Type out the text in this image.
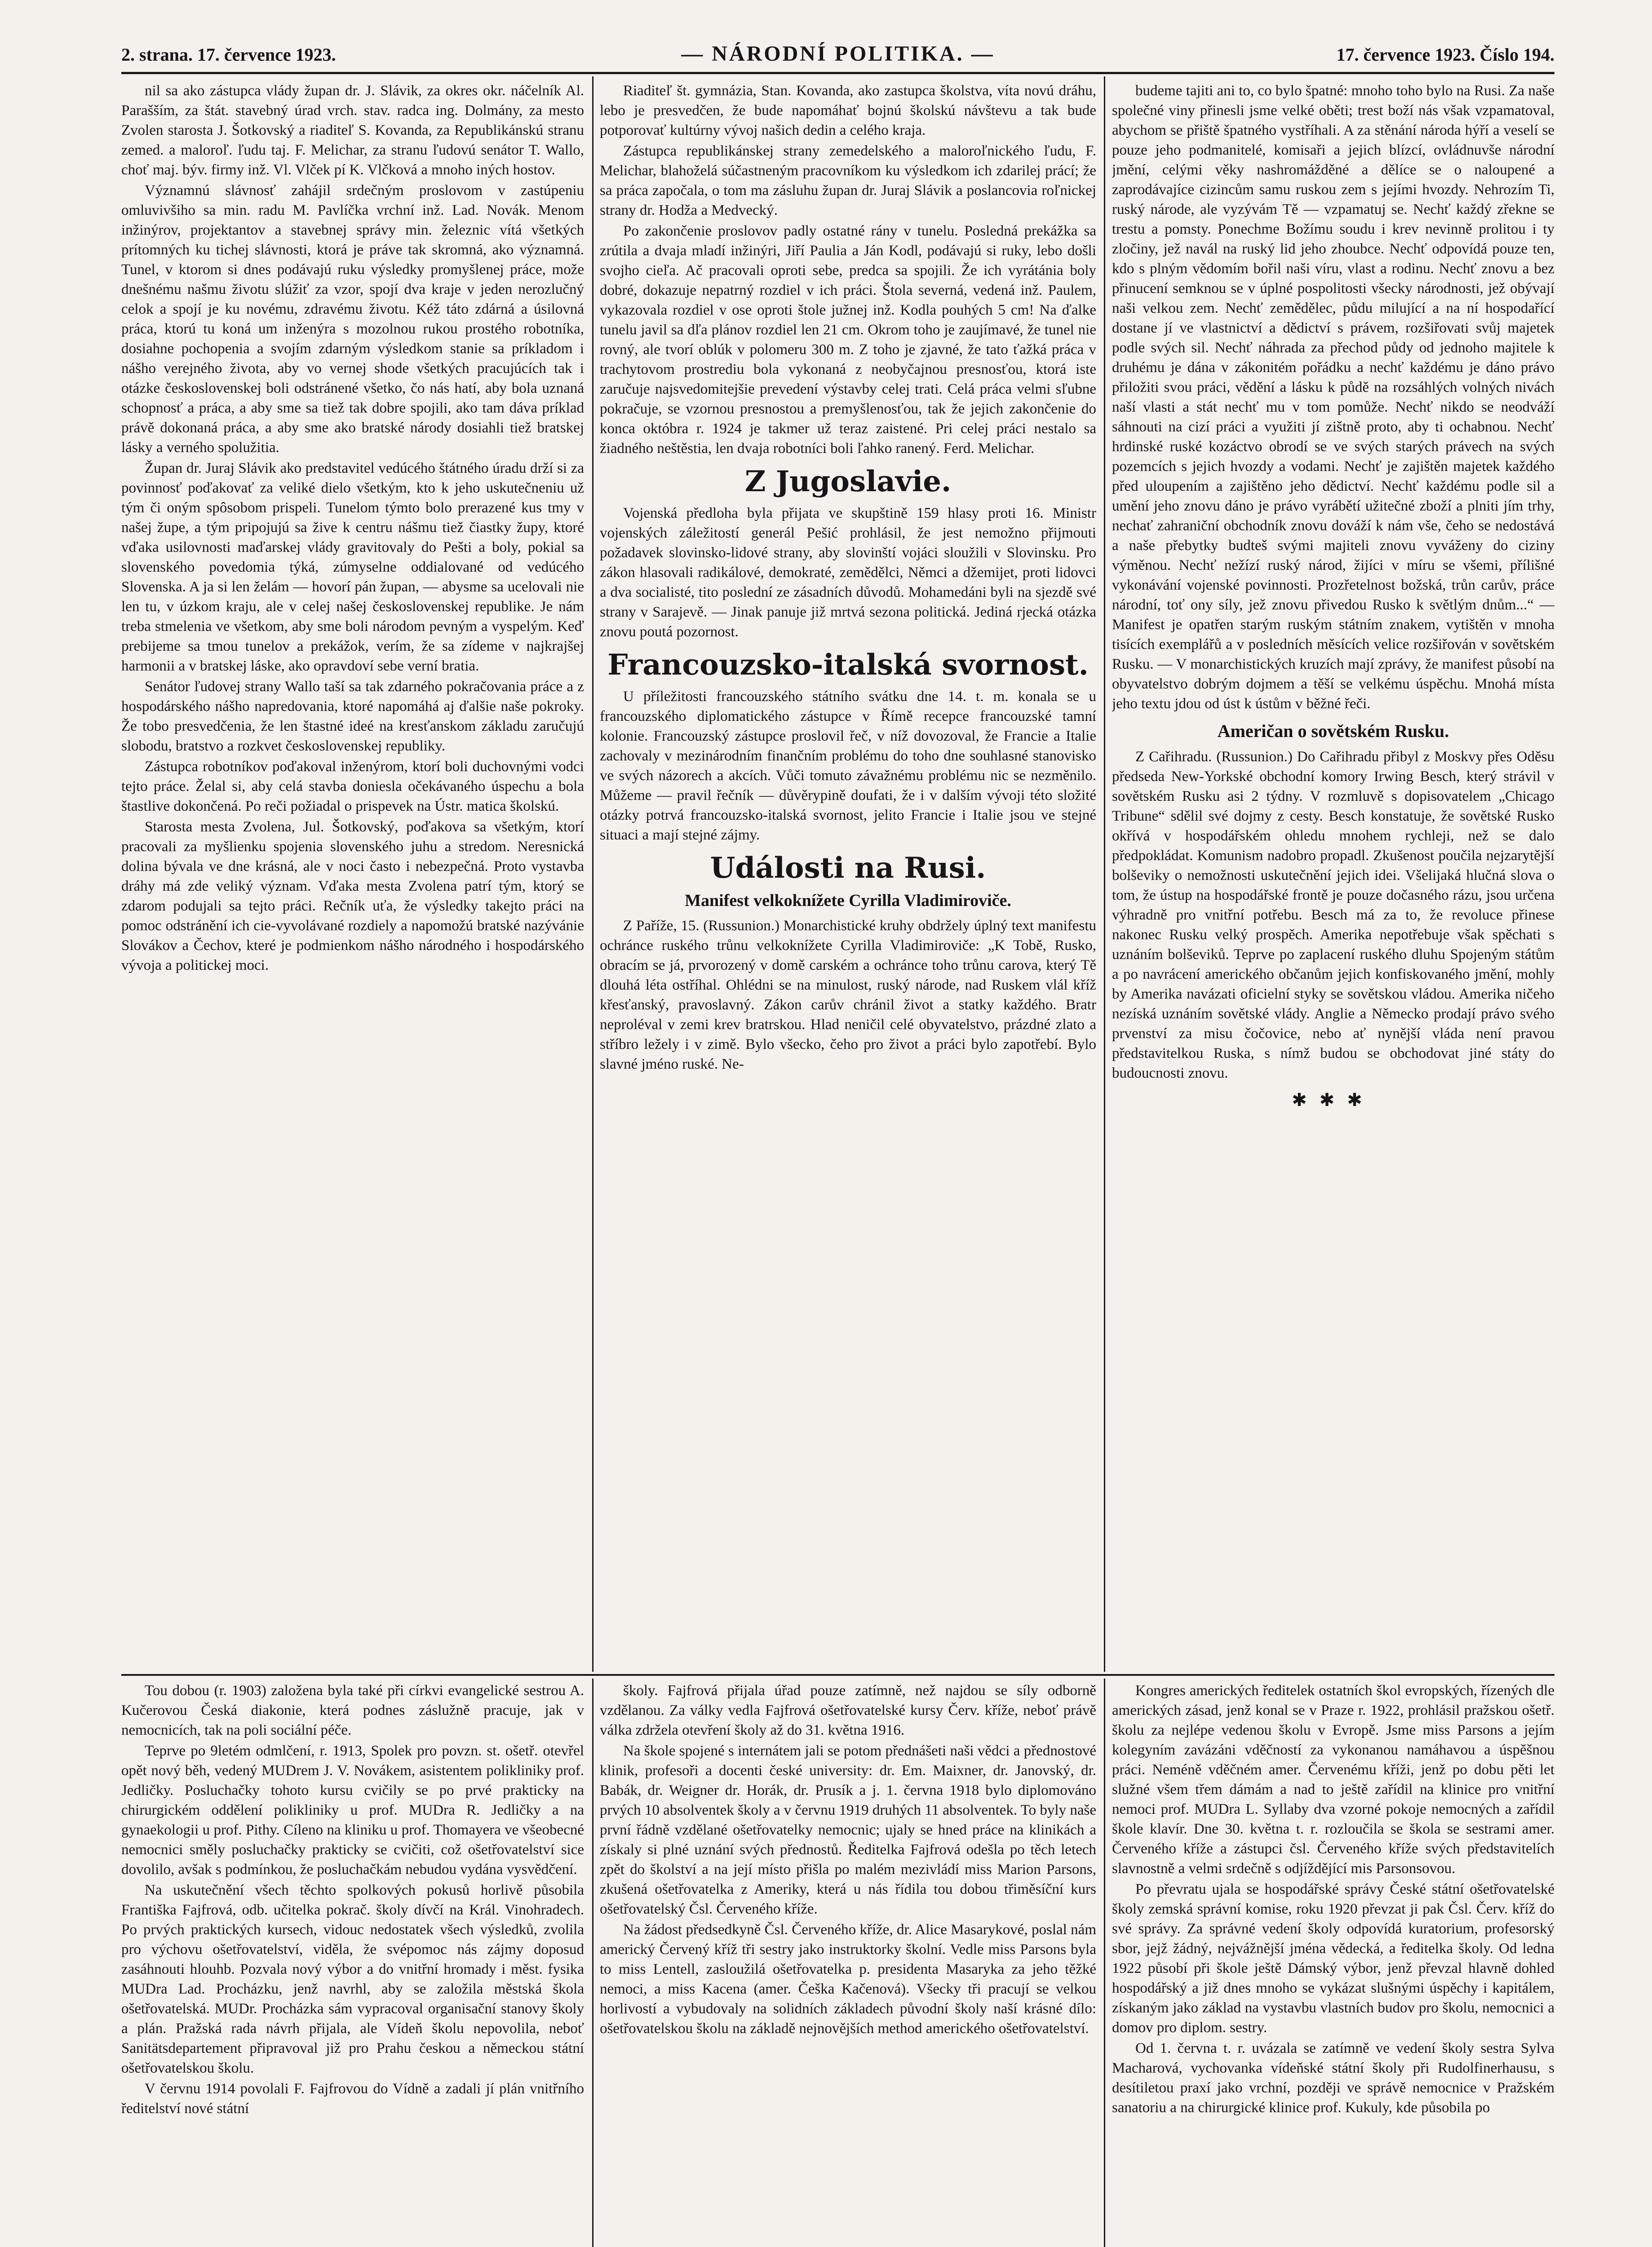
2. strana. 17. července 1923.	— NÁRODNÍ POLITIKA. —	17. července 1923. Číslo 194.

nil sa ako zástupca vlády župan dr. J. Slávik, za okres okr. náčelník Al. Parašším, za štát. stavebný úrad vrch. stav. radca ing. Dolmány, za mesto Zvolen starosta J. Šotkovský a riaditeľ S. Kovanda, za Republikánskú stranu zemed. a maloroľ. ľudu taj. F. Melichar, za stranu ľudovú senátor T. Wallo, choť maj. býv. firmy inž. Vl. Vlček pí K. Vlčková a mnoho iných hostov.

Významnú slávnosť zahájil srdečným proslovom v zastúpeniu omluvivšiho sa min. radu M. Pavlíčka vrchní inž. Lad. Novák. Menom inžinýrov, projektantov a stavebnej správy min. železnic vítá všetkých prítomných ku tichej slávnosti, ktorá je práve tak skromná, ako významná. Tunel, v ktorom si dnes podávajú ruku výsledky promyšlenej práce, može dnešnému našmu životu slúžiť za vzor, spojí dva kraje v jeden nerozlučný celok a spojí je ku novému, zdravému životu. Kéž táto zdárná a úsilovná práca, ktorú tu koná um inženýra s mozolnou rukou prostého robotníka, dosiahne pochopenia a svojím zdarným výsledkom stanie sa príkladom i nášho verejného života, aby vo vernej shode všetkých pracujúcích tak i otázke československej boli odstránené všetko, čo nás hatí, aby bola uznaná schopnosť a práca, a aby sme sa tiež tak dobre spojili, ako tam dáva príklad právě dokonaná práca, a aby sme ako bratské národy dosiahli tiež bratskej lásky a verného spolužitia.

Župan dr. Juraj Slávik ako predstavitel vedúcého štátného úradu drží si za povinnosť poďakovať za veliké dielo všetkým, kto k jeho uskutečneniu už tým či oným spôsobom prispeli. Tunelom týmto bolo prerazené kus tmy v našej župe, a tým pripojujú sa žive k centru nášmu tiež čiastky župy, ktoré vďaka usilovnosti maďarskej vlády gravitovaly do Pešti a boly, pokial sa slovenského povedomia týká, zúmyselne oddialované od vedúcého Slovenska. A ja si len želám — hovorí pán župan, — abysme sa ucelovali nie len tu, v úzkom kraju, ale v celej našej československej republike. Je nám treba stmelenia ve všetkom, aby sme boli národom pevným a vyspelým. Keď prebijeme sa tmou tunelov a prekážok, verím, že sa zídeme v najkrajšej harmonii a v bratskej láske, ako opravdoví sebe verní bratia.

Senátor ľudovej strany Wallo taší sa tak zdarného pokračovania práce a z hospodárského nášho napredovania, ktoré napomáhá aj ďalšie naše pokroky. Že tobo presvedčenia, že len štastné ideé na kresťanskom základu zaručujú slobodu, bratstvo a rozkvet československej republiky.

Zástupca robotníkov poďakoval inženýrom, ktorí boli duchovnými vodci tejto práce. Želal si, aby celá stavba doniesla očekávaného úspechu a bola štastlive dokončená. Po reči požiadal o prispevek na Ústr. matica školskú.

Starosta mesta Zvolena, Jul. Šotkovský, poďakova sa všetkým, ktorí pracovali za myšlienku spojenia slovenského juhu a stredom. Neresnická dolina bývala ve dne krásná, ale v noci často i nebezpečná. Proto vystavba dráhy má zde veliký význam. Vďaka mesta Zvolena patrí tým, ktorý se zdarom podujali sa tejto práci. Rečník uťa, že výsledky takejto práci na pomoc odstránění ich cie-vyvolávané rozdiely a napomožú bratské nazývánie Slovákov a Čechov, které je podmienkom nášho národného i hospodárského vývoja a politickej moci.

Riaditeľ št. gymnázia, Stan. Kovanda, ako zastupca školstva, víta novú dráhu, lebo je presvedčen, že bude napomáhať bojnú školskú návštevu a tak bude potporovať kultúrny vývoj našich dedin a celého kraja.

Zástupca republikánskej strany zemedelského a maloroľnického ľudu, F. Melichar, blahoželá súčastneným pracovníkom ku výsledkom ich zdarilej prácí; že sa práca započala, o tom ma zásluhu župan dr. Juraj Slávik a poslancovia roľnickej strany dr. Hodža a Medvecký.

Po zakončenie proslovov padly ostatné rány v tunelu. Posledná prekážka sa zrútila a dvaja mladí inžinýri, Jiří Paulia a Ján Kodl, podávajú si ruky, lebo došli svojho cieľa. Ač pracovali oproti sebe, predca sa spojili. Že ich vyrátánia boly dobré, dokazuje nepatrný rozdiel v ich práci. Štola severná, vedená inž. Paulem, vykazovala rozdiel v ose oproti štole južnej inž. Kodla pouhých 5 cm! Na ďalke tunelu javil sa dľa plánov rozdiel len 21 cm. Okrom toho je zaujímavé, že tunel nie rovný, ale tvorí oblúk v polomeru 300 m. Z toho je zjavné, že tato ťažká práca v trachytovom prostrediu bola vykonaná z neobyčajnou presnosťou, ktorá iste zaručuje najsvedomitejšie prevedení výstavby celej trati. Celá práca velmi sľubne pokračuje, se vzornou presnostou a premyšlenosťou, tak že jejich zakončenie do konca októbra r. 1924 je takmer už teraz zaistené. Pri celej práci nestalo sa žiadného neštěstia, len dvaja robotníci boli ľahko ranený. Ferd. Melichar.

Z Jugoslavie.

Vojenská předloha byla přijata ve skupštině 159 hlasy proti 16. Ministr vojenských záležitostí generál Pešić prohlásil, že jest nemožno přijmouti požadavek slovinsko-lidové strany, aby slovinští vojáci sloužili v Slovinsku. Pro zákon hlasovali radikálové, demokraté, zemědělci, Němci a džemijet, proti lidovci a dva socialisté, tito poslední ze zásadních důvodů. Mohamedáni byli na sjezdě své strany v Sarajevě. — Jinak panuje již mrtvá sezona politická. Jediná rjecká otázka znovu poutá pozornost.

Francouzsko-italská svornost.

U příležitosti francouzského státního svátku dne 14. t. m. konala se u francouzského diplomatického zástupce v Římě recepce francouzské tamní kolonie. Francouzský zástupce proslovil řeč, v níž dovozoval, že Francie a Italie zachovaly v mezinárodním finančním problému do toho dne souhlasné stanovisko ve svých názorech a akcích. Vůči tomuto závažnému problému nic se nezměnilo. Můžeme — pravil řečník — důvěrypině doufati, že i v dalším vývoji této složité otázky potrvá francouzsko-italská svornost, jelito Francie i Italie jsou ve stejné situaci a mají stejné zájmy.

Události na Rusi.
Manifest velkoknížete Cyrilla Vladimiroviče.

Z Paříže, 15. (Russunion.) Monarchistické kruhy obdržely úplný text manifestu ochránce ruského trůnu velkoknížete Cyrilla Vladimiroviče: „K Tobě, Rusko, obracím se já, prvorozený v domě carském a ochránce toho trůnu carova, který Tě dlouhá léta ostříhal. Ohlédni se na minulost, ruský národe, nad Ruskem vlál kříž křesťanský, pravoslavný. Zákon carův chránil život a statky každého. Bratr neproléval v zemi krev bratrskou. Hlad neničil celé obyvatelstvo, prázdné zlato a stříbro ležely i v zimě. Bylo všecko, čeho pro život a práci bylo zapotřebí. Bylo slavné jméno ruské. Ne-

budeme tajiti ani to, co bylo špatné: mnoho toho bylo na Rusi. Za naše společné viny přinesli jsme velké oběti; trest boží nás však vzpamatoval, abychom se přiště špatného vystříhali. A za stěnání národa hýří a veselí se pouze jeho podmanitelé, komisaři a jejich blízcí, ovládnuvše národní jmění, celými věky nashromážděné a dělíce se o naloupené a zaprodávajíce cizincům samu ruskou zem s jejími hvozdy. Nehrozím Ti, ruský národe, ale vyzývám Tě — vzpamatuj se. Nechť každý zřekne se trestu a pomsty. Ponechme Božímu soudu i krev nevinně prolitou i ty zločiny, jež navál na ruský lid jeho zhoubce. Nechť odpovídá pouze ten, kdo s plným vědomím bořil naši víru, vlast a rodinu. Nechť znovu a bez přinucení semknou se v úplné pospolitosti všecky národnosti, jež obývají naši velkou zem. Nechť zemědělec, půdu milující a na ní hospodařící dostane jí ve vlastnictví a dědictví s právem, rozšiřovati svůj majetek podle svých sil. Nechť náhrada za přechod půdy od jednoho majitele k druhému je dána v zákonitém pořádku a nechť každému je dáno právo přiložiti svou práci, vědění a lásku k půdě na rozsáhlých volných nivách naší vlasti a stát nechť mu v tom pomůže. Nechť nikdo se neodváží sáhnouti na cizí práci a využiti jí zištně proto, aby ti ochabnou. Nechť hrdinské ruské kozáctvo obrodí se ve svých starých právech na svých pozemcích s jejich hvozdy a vodami. Nechť je zajištěn majetek každého před uloupením a zajištěno jeho dědictví. Nechť každému podle sil a umění jeho znovu dáno je právo vyrábětí užitečné zboží a plniti jím trhy, nechať zahraniční obchodník znovu dováží k nám vše, čeho se nedostává a naše přebytky budteš svými majiteli znovu vyváženy do ciziny výměnou. Nechť nežízí ruský národ, žijíci v míru se všemi, přílišné vykonávání vojenské povinnosti. Prozřetelnost božská, trůn carův, práce národní, toť ony síly, jež znovu přivedou Rusko k světlým dnům...“ — Manifest je opatřen starým ruským státním znakem, vytištěn v mnoha tisících exemplářů a v posledních měsících velice rozšiřován v sovětském Rusku. — V monarchistických kruzích mají zprávy, že manifest působí na obyvatelstvo dobrým dojmem a těší se velkému úspěchu. Mnohá místa jeho textu jdou od úst k ústům v běžné řeči.

Američan o sovětském Rusku.

Z Cařihradu. (Russunion.) Do Cařihradu přibyl z Moskvy přes Oděsu předseda New-Yorkské obchodní komory Irwing Besch, který strávil v sovětském Rusku asi 2 týdny. V rozmluvě s dopisovatelem „Chicago Tribune“ sdělil své dojmy z cesty. Besch konstatuje, že sovětské Rusko okřívá v hospodářském ohledu mnohem rychleji, než se dalo předpokládat. Komunism nadobro propadl. Zkušenost poučila nejzarytější bolševiky o nemožnosti uskutečnění jejich idei. Všelijaká hlučná slova o tom, že ústup na hospodářské frontě je pouze dočasného rázu, jsou určena výhradně pro vnitřní potřebu. Besch má za to, že revoluce přinese nakonec Rusku velký prospěch. Amerika nepotřebuje však spěchati s uznáním bolševiků. Teprve po zaplacení ruského dluhu Spojeným státům a po navrácení amerického občanům jejich konfiskovaného jmění, mohly by Amerika navázati oficielní styky se sovětskou vládou. Amerika ničeho nezíská uznáním sovětské vlády. Anglie a Německo prodají právo svého prvenství za misu čočovice, nebo ať nynější vláda není pravou představitelkou Ruska, s nímž budou se obchodovat jiné státy do budoucnosti znovu.

✱✱✱

Tou dobou (r. 1903) založena byla také při církvi evangelické sestrou A. Kučerovou Česká diakonie, která podnes záslužně pracuje, jak v nemocnicích, tak na poli sociální péče.

Teprve po 9letém odmlčení, r. 1913, Spolek pro povzn. st. ošetř. otevřel opět nový běh, vedený MUDrem J. V. Novákem, asistentem polikliniky prof. Jedličky. Posluchačky tohoto kursu cvičily se po prvé prakticky na chirurgickém oddělení polikliniky u prof. MUDra R. Jedličky a na gynaekologii u prof. Pithy. Cíleno na kliniku u prof. Thomayera ve všeobecné nemocnici směly posluchačky prakticky se cvičiti, což ošetřovatelství sice dovolilo, avšak s podmínkou, že posluchačkám nebudou vydána vysvědčení.

Na uskutečnění všech těchto spolkových pokusů horlivě působila Františka Fajfrová, odb. učitelka pokrač. školy dívčí na Král. Vinohradech. Po prvých praktických kursech, vidouc nedostatek všech výsledků, zvolila pro výchovu ošetřovatelství, viděla, že svépomoc nás zájmy doposud zasáhnouti hlouhb. Pozvala nový výbor a do vnitřní hromady i měst. fysika MUDra Lad. Procházku, jenž navrhl, aby se založila městská škola ošetřovatelská. MUDr. Procházka sám vypracoval organisační stanovy školy a plán. Pražská rada návrh přijala, ale Vídeň školu nepovolila, neboť Sanitätsdepartement připravoval již pro Prahu českou a německou státní ošetřovatelskou školu.

V červnu 1914 povolali F. Fajfrovou do Vídně a zadali jí plán vnitřního ředitelství nové státní

školy. Fajfrová přijala úřad pouze zatímně, než najdou se síly odborně vzdělanou. Za války vedla Fajfrová ošetřovatelské kursy Červ. kříže, neboť právě válka zdržela otevření školy až do 31. května 1916.

Na škole spojené s internátem jali se potom přednášeti naši vědci a přednostové klinik, profesoři a docenti české university: dr. Em. Maixner, dr. Janovský, dr. Babák, dr. Weigner dr. Horák, dr. Prusík a j. 1. června 1918 bylo diplomováno prvých 10 absolventek školy a v červnu 1919 druhých 11 absolventek. To byly naše první řádně vzdělané ošetřovatelky nemocnic; ujaly se hned práce na klinikách a získaly si plné uznání svých přednostů. Ředitelka Fajfrová odešla po těch letech zpět do školství a na její místo přišla po malém mezivládí miss Marion Parsons, zkušená ošetřovatelka z Ameriky, která u nás řídila tou dobou třiměsíční kurs ošetřovatelský Čsl. Červeného kříže.

Na žádost předsedkyně Čsl. Červeného kříže, dr. Alice Masarykové, poslal nám americký Červený kříž tři sestry jako instruktorky školní. Vedle miss Parsons byla to miss Lentell, zasloužilá ošetřovatelka p. presidenta Masaryka za jeho těžké nemoci, a miss Kacena (amer. Češka Kačenová). Všecky tři pracují se velkou horlivostí a vybudovaly na solidních základech původní školy naší krásné dílo: ošetřovatelskou školu na základě nejnovějších method amerického ošetřovatelství.

Kongres amerických ředitelek ostatních škol evropských, řízených dle amerických zásad, jenž konal se v Praze r. 1922, prohlásil pražskou ošetř. školu za nejlépe vedenou školu v Evropě. Jsme miss Parsons a jejím kolegyním zavázáni vděčností za vykonanou namáhavou a úspěšnou práci. Neméně vděčném amer. Červenému kříži, jenž po dobu pěti let služné všem třem dámám a nad to ještě zařídil na klinice pro vnitřní nemoci prof. MUDra L. Syllaby dva vzorné pokoje nemocných a zařídil škole klavír. Dne 30. května t. r. rozloučila se škola se sestrami amer. Červeného kříže a zástupci čsl. Červeného kříže svých představitelích slavnostně a velmi srdečně s odjíždějící mis Parsonsovou.

Po převratu ujala se hospodářské správy České státní ošetřovatelské školy zemská správní komise, roku 1920 převzat ji pak Čsl. Červ. kříž do své správy. Za správné vedení školy odpovídá kuratorium, profesorský sbor, jejž žádný, nejvážnější jména vědecká, a ředitelka školy. Od ledna 1922 působí při škole ještě Dámský výbor, jenž převzal hlavně dohled hospodářský a již dnes mnoho se vykázat slušnými úspěchy i kapitálem, získaným jako základ na vystavbu vlastních budov pro školu, nemocnici a domov pro diplom. sestry.

Od 1. června t. r. uvázala se zatímně ve vedení školy sestra Sylva Macharová, vychovankа vídeňské státní školy při Rudolfinerhausu, s desítiletou praxí jako vrchní, později ve správě nemocnice v Pražském sanatoriu a na chirurgické klinice prof. Kukuly, kde působila po
